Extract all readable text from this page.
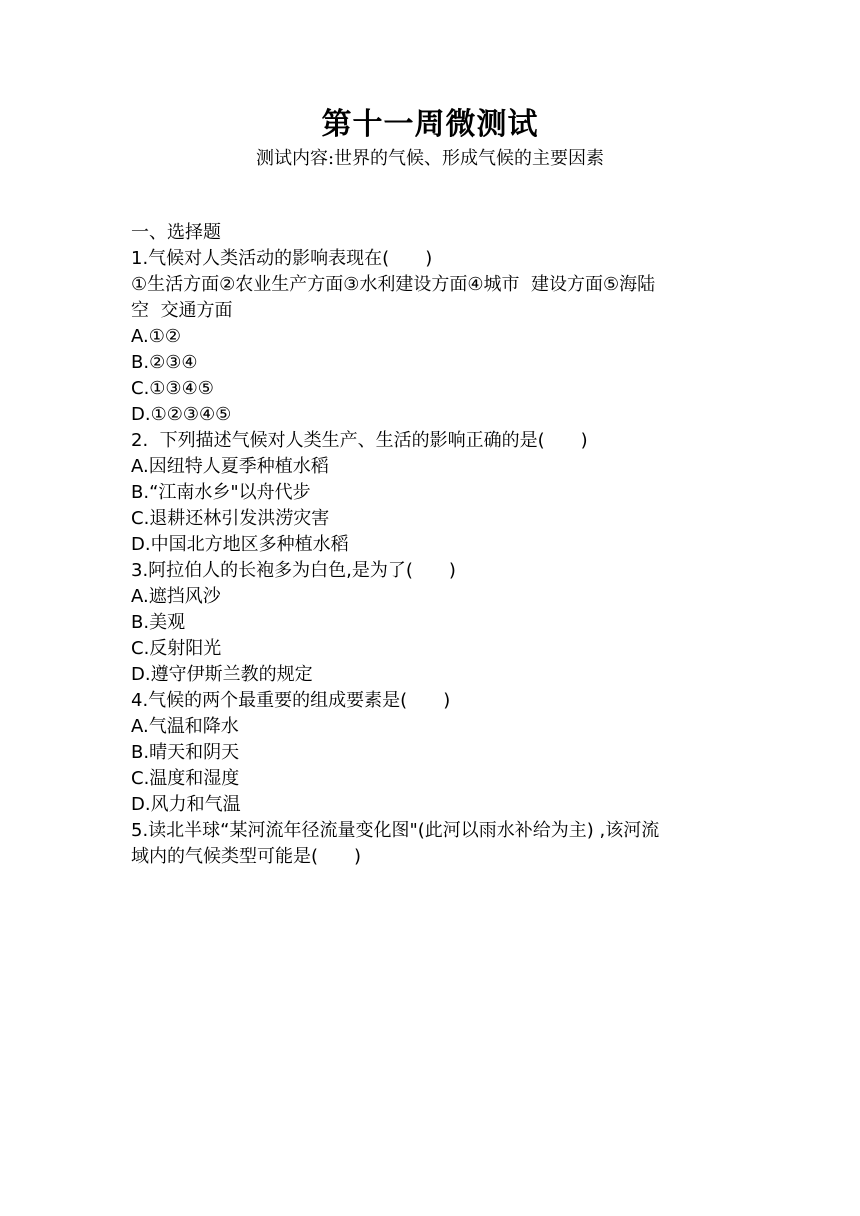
第十一周微测试
测试内容:世界的气候、形成气候的主要因素
一、选择题
1.气候对人类活动的影响表现在(　　)
①生活方面②农业生产方面③水利建设方面④城市  建设方面⑤海陆
空  交通方面
A.①②
B.②③④
C.①③④⑤
D.①②③④⑤
2.  下列描述气候对人类生产、生活的影响正确的是(　　)
A.因纽特人夏季种植水稻
B.“江南水乡"以舟代步
C.退耕还林引发洪涝灾害
D.中国北方地区多种植水稻
3.阿拉伯人的长袍多为白色,是为了(　　)
A.遮挡风沙
B.美观
C.反射阳光
D.遵守伊斯兰教的规定
4.气候的两个最重要的组成要素是(　　)
A.气温和降水
B.晴天和阴天
C.温度和湿度
D.风力和气温
5.读北半球“某河流年径流量变化图"(此河以雨水补给为主) ,该河流
域内的气候类型可能是(　　)
